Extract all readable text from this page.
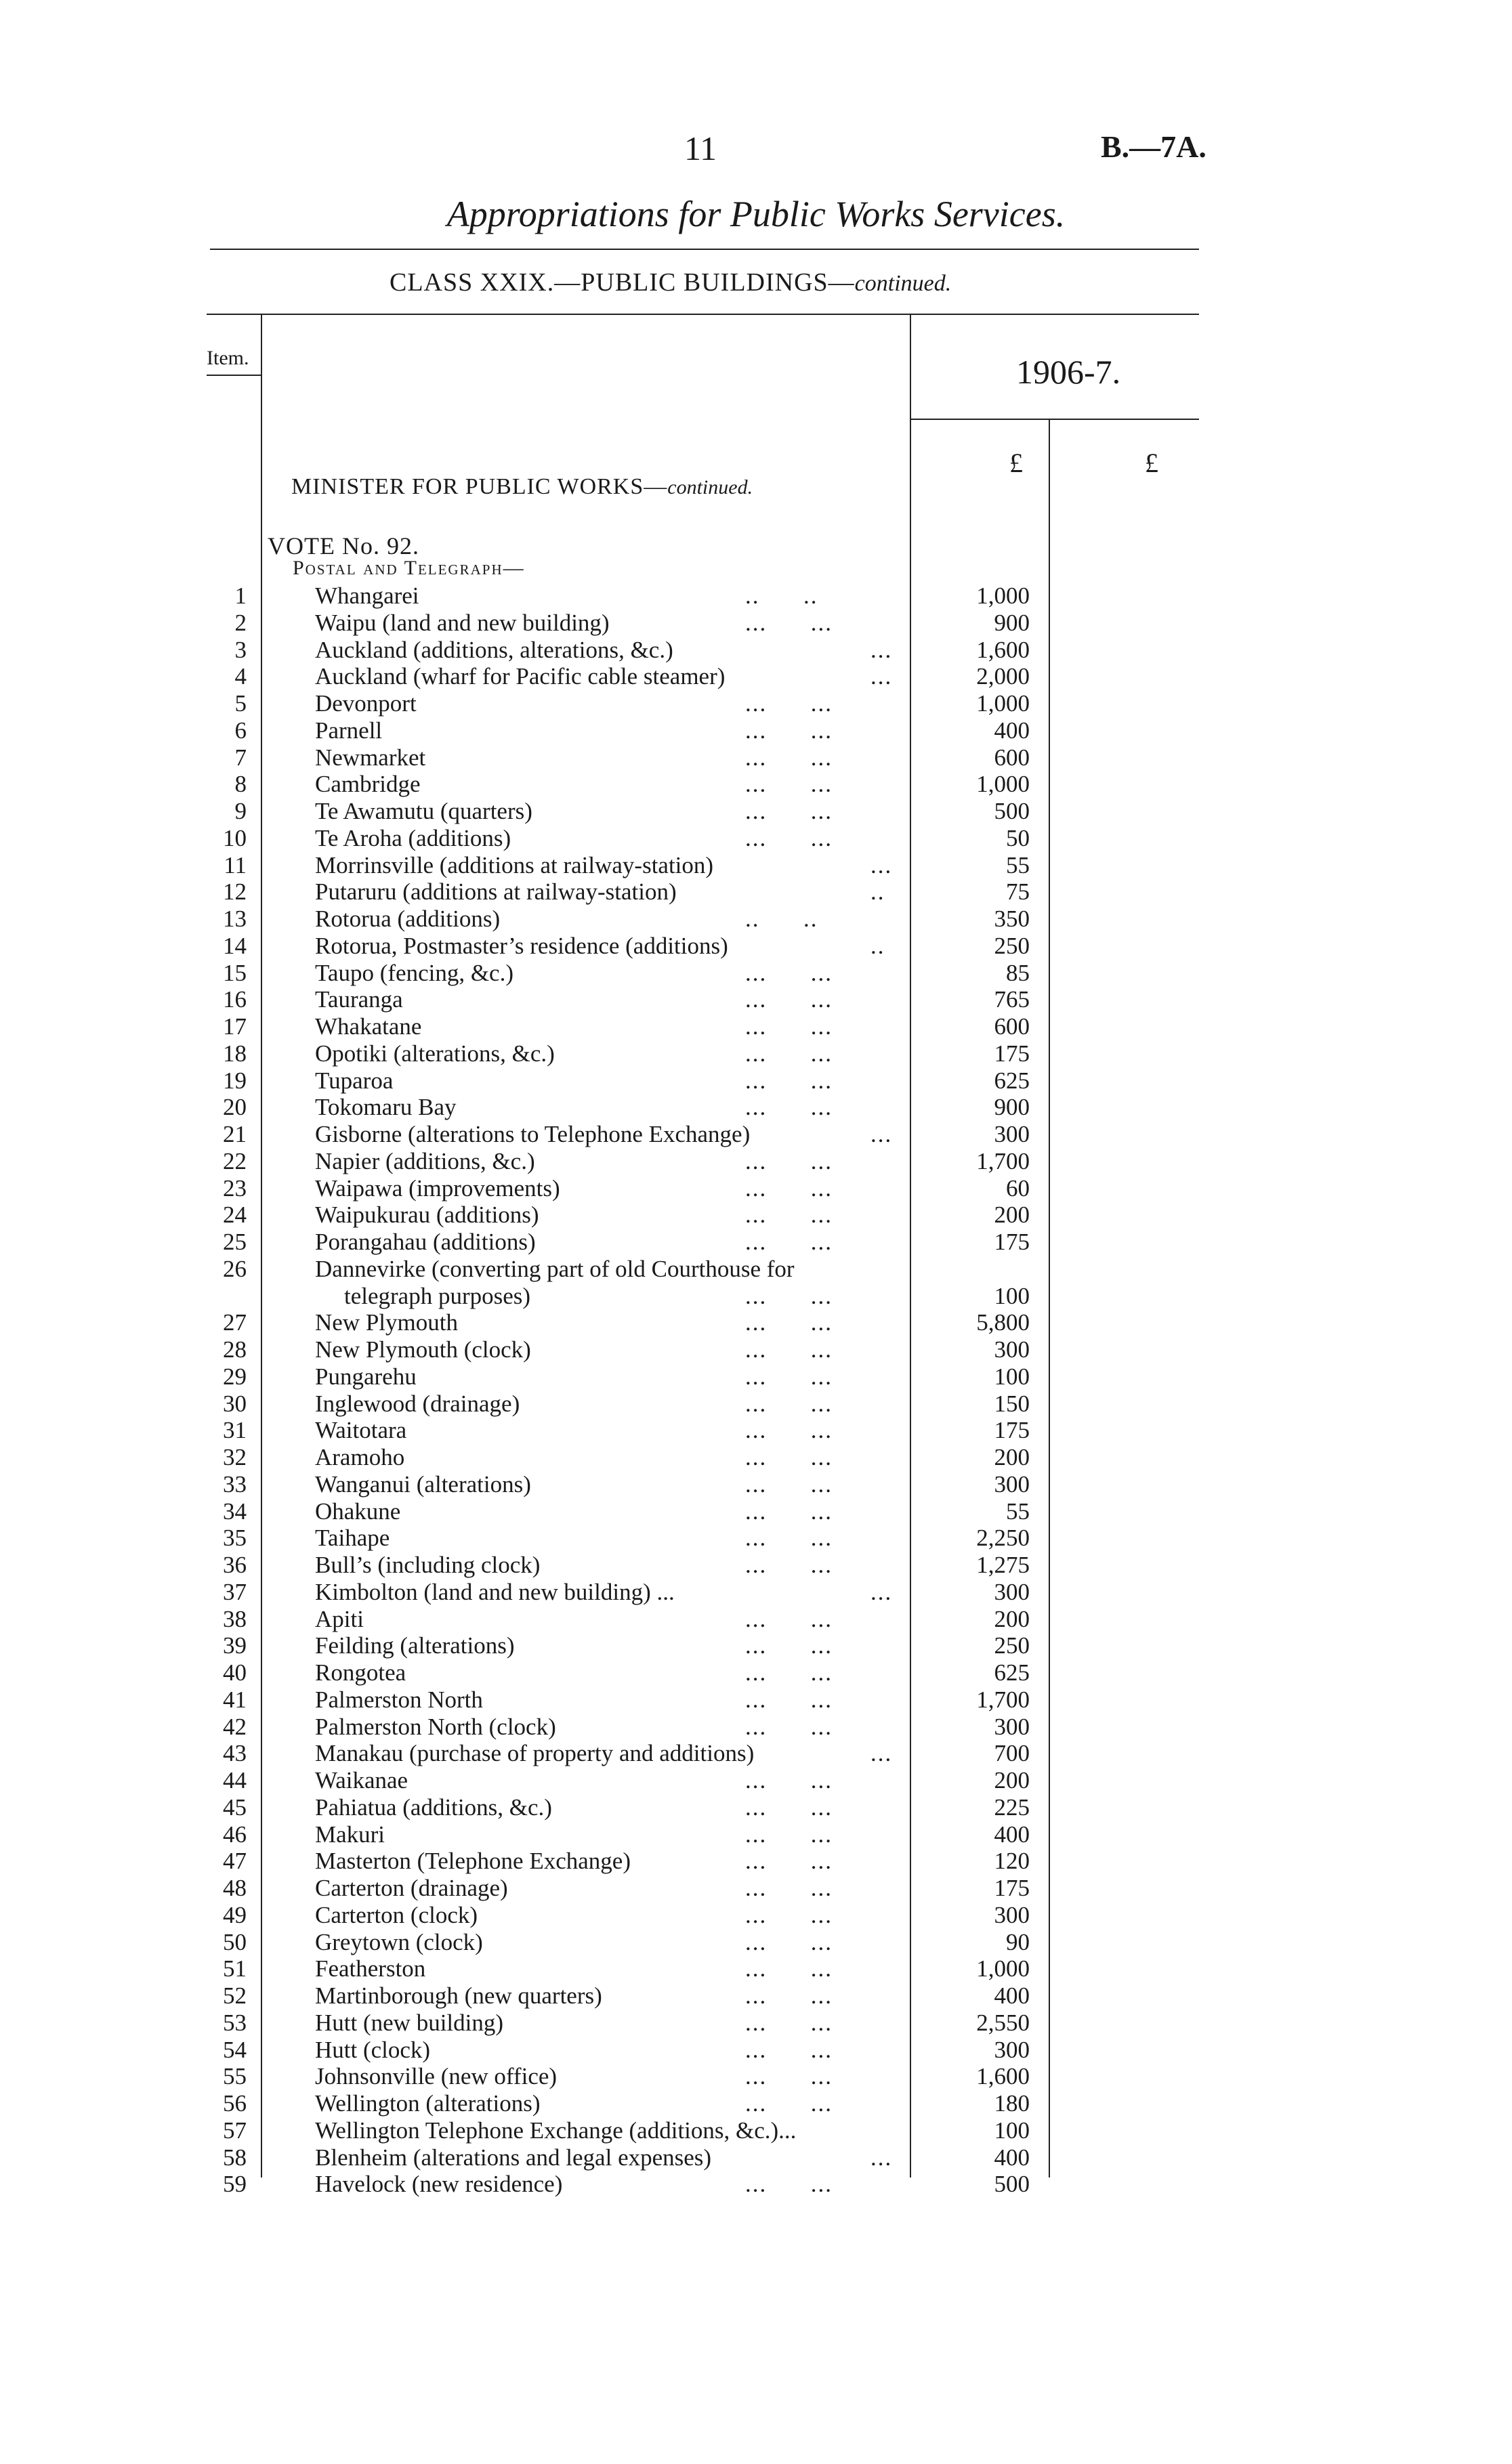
11	B.—7A.
Appropriations for Public Works Services.
CLASS XXIX.—PUBLIC BUILDINGS—continued.
Item.	1906-7.
£	£
MINISTER FOR PUBLIC WORKS—continued.
VOTE No. 92.
Postal and Telegraph—
1	Whangarei	..      ..	1,000
2	Waipu (land and new building)	...      ...	900
3	Auckland (additions, alterations, &c.)	...	1,600
4	Auckland (wharf for Pacific cable steamer)	...	2,000
5	Devonport	...      ...	1,000
6	Parnell	...      ...	400
7	Newmarket	...      ...	600
8	Cambridge	...      ...	1,000
9	Te Awamutu (quarters)	...      ...	500
10	Te Aroha (additions)	...      ...	50
11	Morrinsville (additions at railway-station)	...	55
12	Putaruru (additions at railway-station)	..	75
13	Rotorua (additions)	..      ..	350
14	Rotorua, Postmaster’s residence (additions)	..	250
15	Taupo (fencing, &c.)	...      ...	85
16	Tauranga	...      ...	765
17	Whakatane	...      ...	600
18	Opotiki (alterations, &c.)	...      ...	175
19	Tuparoa	...      ...	625
20	Tokomaru Bay	...      ...	900
21	Gisborne (alterations to Telephone Exchange)	...	300
22	Napier (additions, &c.)	...      ...	1,700
23	Waipawa (improvements)	...      ...	60
24	Waipukurau (additions)	...      ...	200
25	Porangahau (additions)	...      ...	175
26	Dannevirke (converting part of old Courthouse for
telegraph purposes)	...      ...	100
27	New Plymouth	...      ...	5,800
28	New Plymouth (clock)	...      ...	300
29	Pungarehu	...      ...	100
30	Inglewood (drainage)	...      ...	150
31	Waitotara	...      ...	175
32	Aramoho	...      ...	200
33	Wanganui (alterations)	...      ...	300
34	Ohakune	...      ...	55
35	Taihape	...      ...	2,250
36	Bull’s (including clock)	...      ...	1,275
37	Kimbolton (land and new building) ...	...	300
38	Apiti	...      ...	200
39	Feilding (alterations)	...      ...	250
40	Rongotea	...      ...	625
41	Palmerston North	...      ...	1,700
42	Palmerston North (clock)	...      ...	300
43	Manakau (purchase of property and additions)	...	700
44	Waikanae	...      ...	200
45	Pahiatua (additions, &c.)	...      ...	225
46	Makuri	...      ...	400
47	Masterton (Telephone Exchange)	...      ...	120
48	Carterton (drainage)	...      ...	175
49	Carterton (clock)	...      ...	300
50	Greytown (clock)	...      ...	90
51	Featherston	...      ...	1,000
52	Martinborough (new quarters)	...      ...	400
53	Hutt (new building)	...      ...	2,550
54	Hutt (clock)	...      ...	300
55	Johnsonville (new office)	...      ...	1,600
56	Wellington (alterations)	...      ...	180
57	Wellington Telephone Exchange (additions, &c.)...	100
58	Blenheim (alterations and legal expenses)	...	400
59	Havelock (new residence)	...      ...	500
